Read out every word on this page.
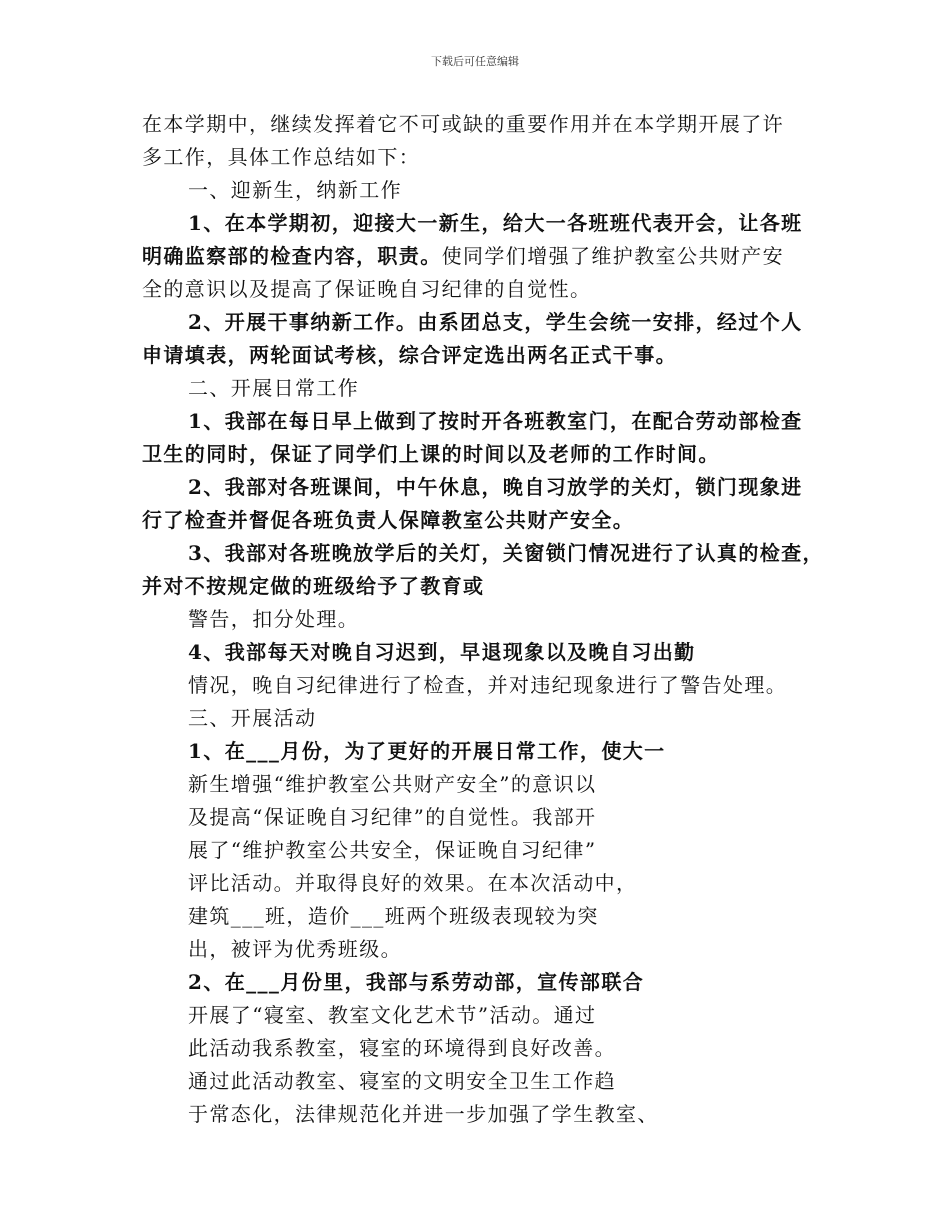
下载后可任意编辑
在本学期中，继续发挥着它不可或缺的重要作用并在本学期开展了许
多工作，具体工作总结如下：
一、迎新生，纳新工作
1、在本学期初，迎接大一新生，给大一各班班代表开会，让各班
明确监察部的检查内容，职责。使同学们增强了维护教室公共财产安
全的意识以及提高了保证晚自习纪律的自觉性。
2、开展干事纳新工作。由系团总支，学生会统一安排，经过个人
申请填表，两轮面试考核，综合评定选出两名正式干事。
二、开展日常工作
1、我部在每日早上做到了按时开各班教室门，在配合劳动部检查
卫生的同时，保证了同学们上课的时间以及老师的工作时间。
2、我部对各班课间，中午休息，晚自习放学的关灯，锁门现象进
行了检查并督促各班负责人保障教室公共财产安全。
3、我部对各班晚放学后的关灯，关窗锁门情况进行了认真的检查，
并对不按规定做的班级给予了教育或
警告，扣分处理。
4、我部每天对晚自习迟到，早退现象以及晚自习出勤
情况，晚自习纪律进行了检查，并对违纪现象进行了警告处理。
三、开展活动
1、在___月份，为了更好的开展日常工作，使大一
新生增强“维护教室公共财产安全”的意识以
及提高“保证晚自习纪律”的自觉性。我部开
展了“维护教室公共安全，保证晚自习纪律”
评比活动。并取得良好的效果。在本次活动中，
建筑___班，造价___班两个班级表现较为突
出，被评为优秀班级。
2、在___月份里，我部与系劳动部，宣传部联合
开展了“寝室、教室文化艺术节”活动。通过
此活动我系教室，寝室的环境得到良好改善。
通过此活动教室、寝室的文明安全卫生工作趋
于常态化，法律规范化并进一步加强了学生教室、
